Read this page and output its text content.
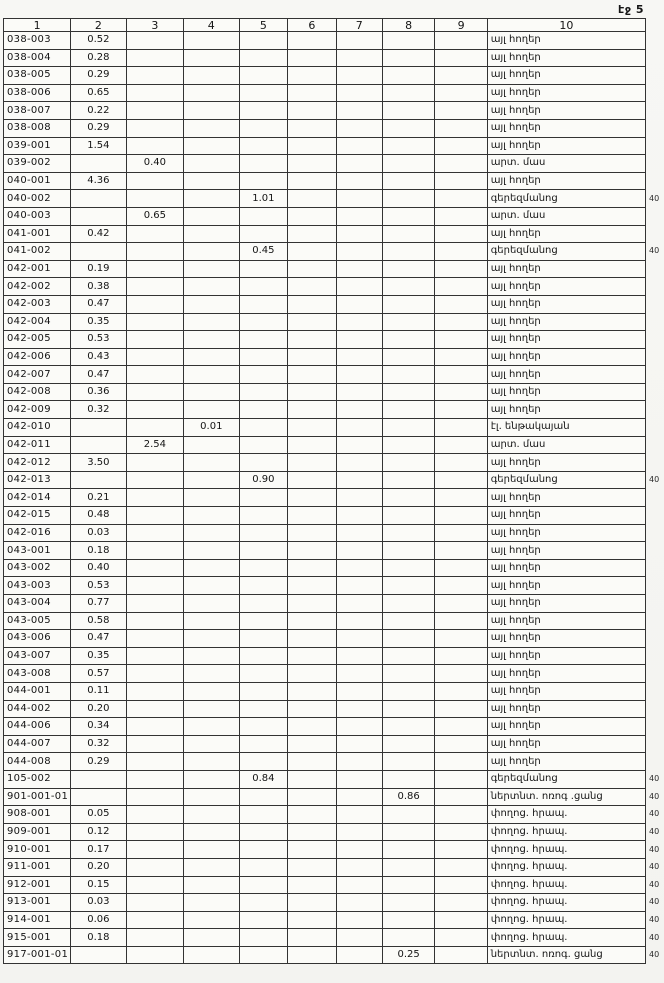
էջ 5
1	2	3	4	5	6	7	8	9	10	
038-003	0.52								այլ հողեր	
038-004	0.28								այլ հողեր	
038-005	0.29								այլ հողեր	
038-006	0.65								այլ հողեր	
038-007	0.22								այլ հողեր	
038-008	0.29								այլ հողեր	
039-001	1.54								այլ հողեր	
039-002		0.40							արտ. մաս	
040-001	4.36								այլ հողեր	
040-002				1.01					գերեզմանոց	40
040-003		0.65							արտ. մաս	
041-001	0.42								այլ հողեր	
041-002				0.45					գերեզմանոց	40
042-001	0.19								այլ հողեր	
042-002	0.38								այլ հողեր	
042-003	0.47								այլ հողեր	
042-004	0.35								այլ հողեր	
042-005	0.53								այլ հողեր	
042-006	0.43								այլ հողեր	
042-007	0.47								այլ հողեր	
042-008	0.36								այլ հողեր	
042-009	0.32								այլ հողեր	
042-010			0.01						էլ. ենթակայան	
042-011		2.54							արտ. մաս	
042-012	3.50								այլ հողեր	
042-013				0.90					գերեզմանոց	40
042-014	0.21								այլ հողեր	
042-015	0.48								այլ հողեր	
042-016	0.03								այլ հողեր	
043-001	0.18								այլ հողեր	
043-002	0.40								այլ հողեր	
043-003	0.53								այլ հողեր	
043-004	0.77								այլ հողեր	
043-005	0.58								այլ հողեր	
043-006	0.47								այլ հողեր	
043-007	0.35								այլ հողեր	
043-008	0.57								այլ հողեր	
044-001	0.11								այլ հողեր	
044-002	0.20								այլ հողեր	
044-006	0.34								այլ հողեր	
044-007	0.32								այլ հողեր	
044-008	0.29								այլ հողեր	
105-002				0.84					գերեզմանոց	40
901-001-01							0.86		ներտնտ. ոռոգ .ցանց	40
908-001	0.05								փողոց. հրապ.	40
909-001	0.12								փողոց. հրապ.	40
910-001	0.17								փողոց. հրապ.	40
911-001	0.20								փողոց. հրապ.	40
912-001	0.15								փողոց. հրապ.	40
913-001	0.03								փողոց. հրապ.	40
914-001	0.06								փողոց. հրապ.	40
915-001	0.18								փողոց. հրապ.	40
917-001-01							0.25		ներտնտ. ոռոգ. ցանց	40
